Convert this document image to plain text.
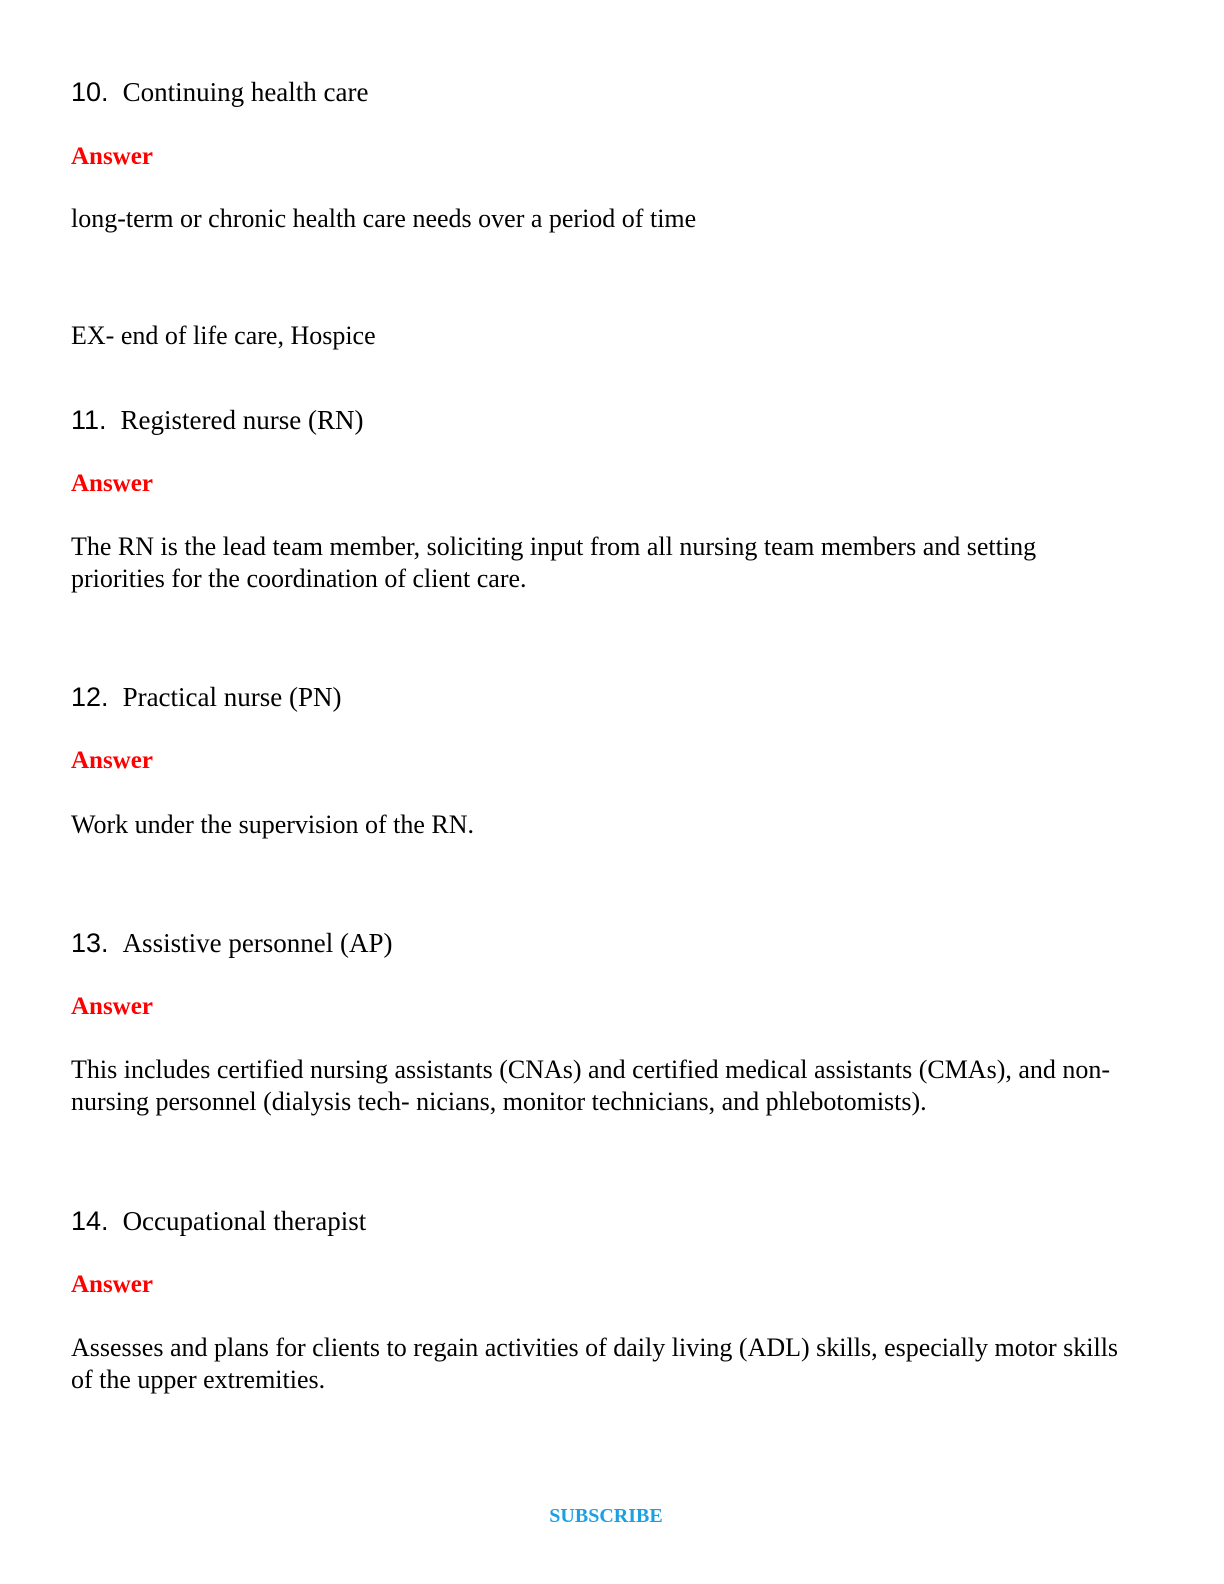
10. Continuing health care
Answer
long-term or chronic health care needs over a period of time
EX- end of life care, Hospice
11. Registered nurse (RN)
Answer
The RN is the lead team member, soliciting input from all nursing team members and setting priorities for the coordination of client care.
12. Practical nurse (PN)
Answer
Work under the supervision of the RN.
13. Assistive personnel (AP)
Answer
This includes certified nursing assistants (CNAs) and certified medical assistants (CMAs), and non-nursing personnel (dialysis tech- nicians, monitor technicians, and phlebotomists).
14. Occupational therapist
Answer
Assesses and plans for clients to regain activities of daily living (ADL) skills, especially motor skills of the upper extremities.
SUBSCRIBE
